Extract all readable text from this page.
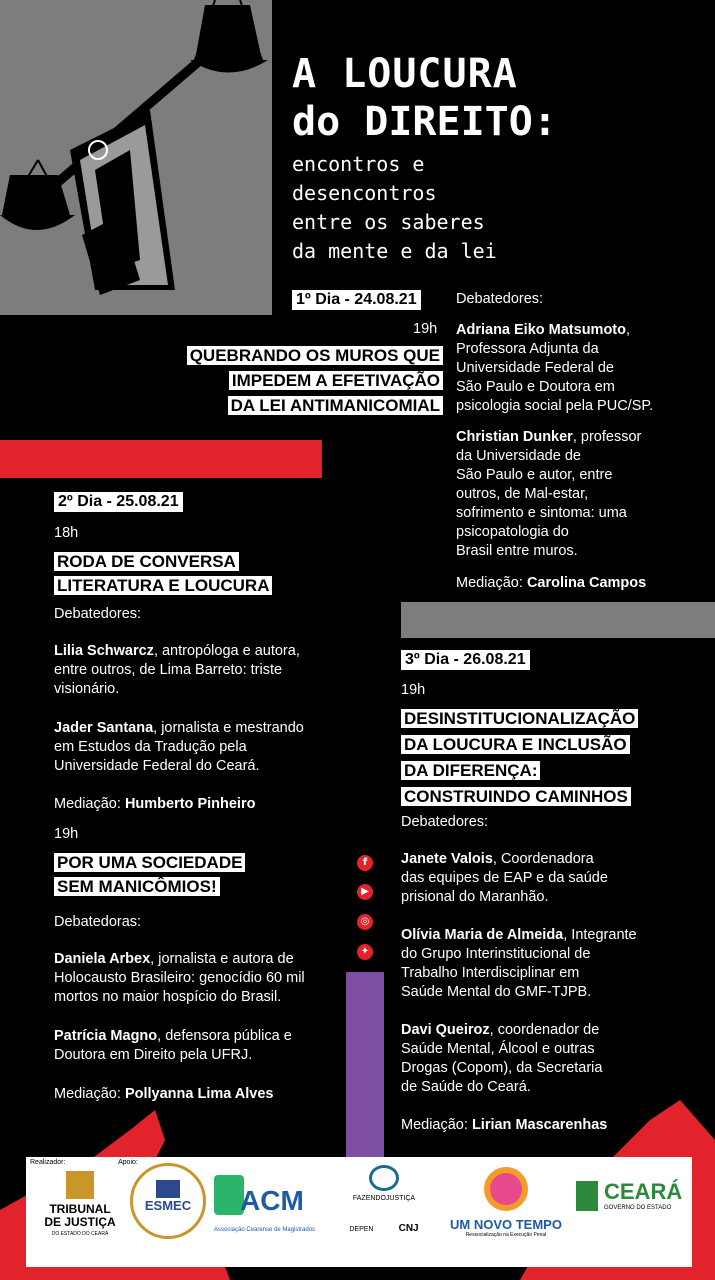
A LOUCURA
do DIREITO:
encontros e
desencontros
entre os saberes
da mente e da lei
1º Dia - 24.08.21
19h
QUEBRANDO OS MUROS QUE
IMPEDEM A EFETIVAÇÃO
DA LEI ANTIMANICOMIAL
Debatedores:
Adriana Eiko Matsumoto,
Professora Adjunta da
Universidade Federal de
São Paulo e Doutora em
psicologia social pela PUC/SP.
Christian Dunker, professor
da Universidade de
São Paulo e autor, entre
outros, de Mal-estar,
sofrimento e sintoma: uma
psicopatologia do
Brasil entre muros.
Mediação: Carolina Campos
2º Dia - 25.08.21
18h
RODA DE CONVERSA
LITERATURA E LOUCURA
Debatedores:
Lilia Schwarcz, antropóloga e autora,
entre outros, de Lima Barreto: triste
visionário.
Jader Santana, jornalista e mestrando
em Estudos da Tradução pela
Universidade Federal do Ceará.
Mediação: Humberto Pinheiro
19h
POR UMA SOCIEDADE
SEM MANICÔMIOS!
Debatedoras:
Daniela Arbex, jornalista e autora de
Holocausto Brasileiro: genocídio 60 mil
mortos no maior hospício do Brasil.
Patrícia Magno, defensora pública e
Doutora em Direito pela UFRJ.
Mediação: Pollyanna Lima Alves
f
▶
◎
✦
3º Dia - 26.08.21
19h
DESINSTITUCIONALIZAÇÃO
DA LOUCURA E INCLUSÃO
DA DIFERENÇA:
CONSTRUINDO CAMINHOS
Debatedores:
Janete Valois, Coordenadora
das equipes de EAP e da saúde
prisional do Maranhão.
Olívia Maria de Almeida, Integrante
do Grupo Interinstitucional de
Trabalho Interdisciplinar em
Saúde Mental do GMF-TJPB.
Davi Queiroz, coordenador de
Saúde Mental, Álcool e outras
Drogas (Copom), da Secretaria
de Saúde do Ceará.
Mediação: Lirian Mascarenhas
Realizador:	Apoio:
TRIBUNAL
DE JUSTIÇA
DO ESTADO DO CEARÁ
ESMEC	ACM
Associação Cearense de Magistrados
FAZENDOJUSTIÇA
DEPEN	CNJ	UM NOVO TEMPO
Ressocialização na Execução Penal
CEARÁ
GOVERNO DO ESTADO
